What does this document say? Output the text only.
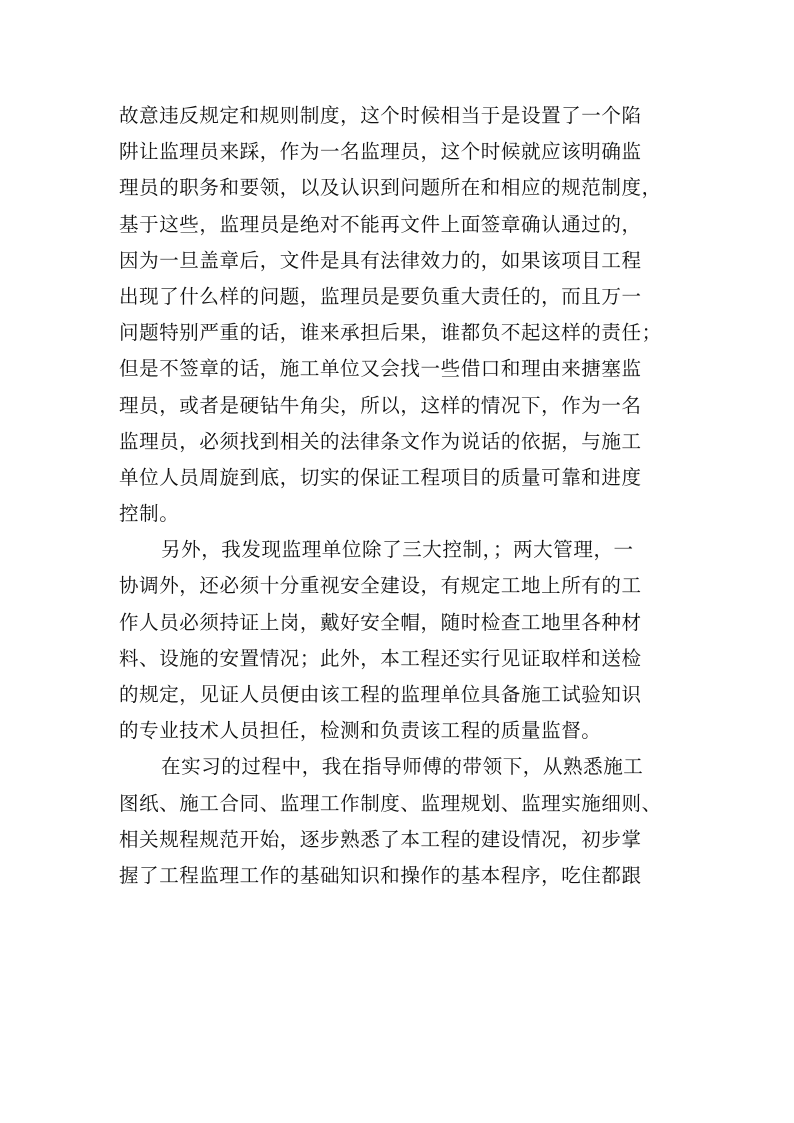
故意违反规定和规则制度，这个时候相当于是设置了一个陷
阱让监理员来踩，作为一名监理员，这个时候就应该明确监
理员的职务和要领，以及认识到问题所在和相应的规范制度，
基于这些，监理员是绝对不能再文件上面签章确认通过的，
因为一旦盖章后，文件是具有法律效力的，如果该项目工程
出现了什么样的问题，监理员是要负重大责任的，而且万一
问题特别严重的话，谁来承担后果，谁都负不起这样的责任；
但是不签章的话，施工单位又会找一些借口和理由来搪塞监
理员，或者是硬钻牛角尖，所以，这样的情况下，作为一名
监理员，必须找到相关的法律条文作为说话的依据，与施工
单位人员周旋到底，切实的保证工程项目的质量可靠和进度
控制。
另外，我发现监理单位除了三大控制，；两大管理，一
协调外，还必须十分重视安全建设，有规定工地上所有的工
作人员必须持证上岗，戴好安全帽，随时检查工地里各种材
料、设施的安置情况；此外，本工程还实行见证取样和送检
的规定，见证人员便由该工程的监理单位具备施工试验知识
的专业技术人员担任，检测和负责该工程的质量监督。
在实习的过程中，我在指导师傅的带领下，从熟悉施工
图纸、施工合同、监理工作制度、监理规划、监理实施细则、
相关规程规范开始，逐步熟悉了本工程的建设情况，初步掌
握了工程监理工作的基础知识和操作的基本程序，吃住都跟
